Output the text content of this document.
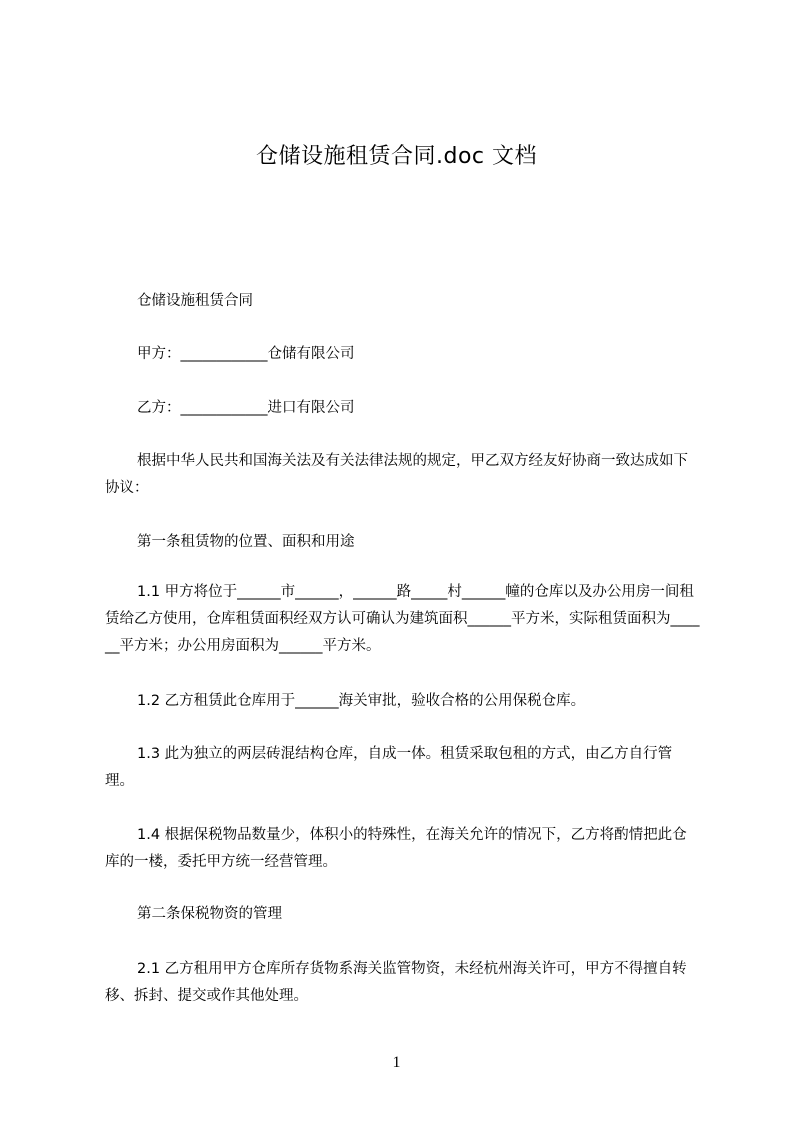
仓储设施租赁合同.doc 文档
仓储设施租赁合同
甲方：____________仓储有限公司
乙方：____________进口有限公司
根据中华人民共和国海关法及有关法律法规的规定，甲乙双方经友好协商一致达成如下协议：
第一条租赁物的位置、面积和用途
1.1 甲方将位于______市______，______路_____村______幢的仓库以及办公用房一间租赁给乙方使用，仓库租赁面积经双方认可确认为建筑面积______平方米，实际租赁面积为______平方米；办公用房面积为______平方米。
1.2 乙方租赁此仓库用于______海关审批，验收合格的公用保税仓库。
1.3 此为独立的两层砖混结构仓库，自成一体。租赁采取包租的方式，由乙方自行管理。
1.4 根据保税物品数量少，体积小的特殊性，在海关允许的情况下，乙方将酌情把此仓库的一楼，委托甲方统一经营管理。
第二条保税物资的管理
2.1 乙方租用甲方仓库所存货物系海关监管物资，未经杭州海关许可，甲方不得擅自转移、拆封、提交或作其他处理。
1
